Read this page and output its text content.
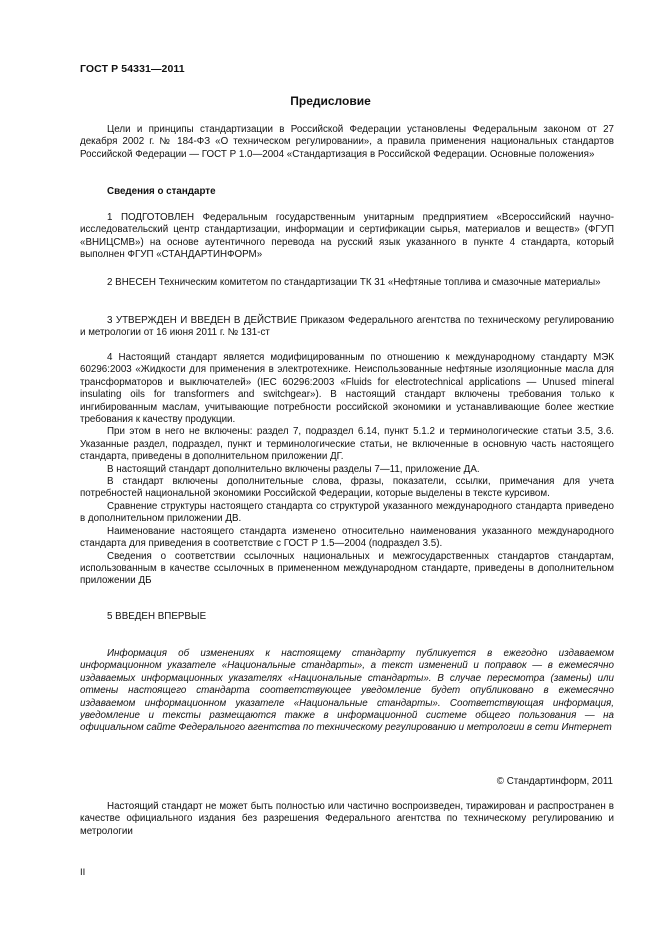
ГОСТ Р 54331—2011
Предисловие

Цели и принципы стандартизации в Российской Федерации установлены Федеральным законом от 27 декабря 2002 г. № 184-ФЗ «О техническом регулировании», а правила применения национальных стандартов Российской Федерации — ГОСТ Р 1.0—2004 «Стандартизация в Российской Федерации. Основные положения»

Сведения о стандарте

1 ПОДГОТОВЛЕН Федеральным государственным унитарным предприятием «Всероссийский научно-исследовательский центр стандартизации, информации и сертификации сырья, материалов и веществ» (ФГУП «ВНИЦСМВ») на основе аутентичного перевода на русский язык указанного в пункте 4 стандарта, который выполнен ФГУП «СТАНДАРТИНФОРМ»

2 ВНЕСЕН Техническим комитетом по стандартизации ТК 31 «Нефтяные топлива и смазочные материалы»

3 УТВЕРЖДЕН И ВВЕДЕН В ДЕЙСТВИЕ Приказом Федерального агентства по техническому регулированию и метрологии от 16 июня 2011 г. № 131-ст

4 Настоящий стандарт является модифицированным по отношению к международному стандарту МЭК 60296:2003 «Жидкости для применения в электротехнике. Неиспользованные нефтяные изоляционные масла для трансформаторов и выключателей» (IEC 60296:2003 «Fluids for electrotechnical applications — Unused mineral insulating oils for transformers and switchgear»). В настоящий стандарт включены требования только к ингибированным маслам, учитывающие потребности российской экономики и устанавливающие более жесткие требования к качеству продукции.

При этом в него не включены: раздел 7, подраздел 6.14, пункт 5.1.2 и терминологические статьи 3.5, 3.6. Указанные раздел, подраздел, пункт и терминологические статьи, не включенные в основную часть настоящего стандарта, приведены в дополнительном приложении ДГ.

В настоящий стандарт дополнительно включены разделы 7—11, приложение ДА.

В стандарт включены дополнительные слова, фразы, показатели, ссылки, примечания для учета потребностей национальной экономики Российской Федерации, которые выделены в тексте курсивом.

Сравнение структуры настоящего стандарта со структурой указанного международного стандарта приведено в дополнительном приложении ДВ.

Наименование настоящего стандарта изменено относительно наименования указанного международного стандарта для приведения в соответствие с ГОСТ Р 1.5—2004 (подраздел 3.5).

Сведения о соответствии ссылочных национальных и межгосударственных стандартов стандартам, использованным в качестве ссылочных в примененном международном стандарте, приведены в дополнительном приложении ДБ

5 ВВЕДЕН ВПЕРВЫЕ

Информация об изменениях к настоящему стандарту публикуется в ежегодно издаваемом информационном указателе «Национальные стандарты», а текст изменений и поправок — в ежемесячно издаваемых информационных указателях «Национальные стандарты». В случае пересмотра (замены) или отмены настоящего стандарта соответствующее уведомление будет опубликовано в ежемесячно издаваемом информационном указателе «Национальные стандарты». Соответствующая информация, уведомление и тексты размещаются также в информационной системе общего пользования — на официальном сайте Федерального агентства по техническому регулированию и метрологии в сети Интернет

© Стандартинформ, 2011

Настоящий стандарт не может быть полностью или частично воспроизведен, тиражирован и распространен в качестве официального издания без разрешения Федерального агентства по техническому регулированию и метрологии

II
